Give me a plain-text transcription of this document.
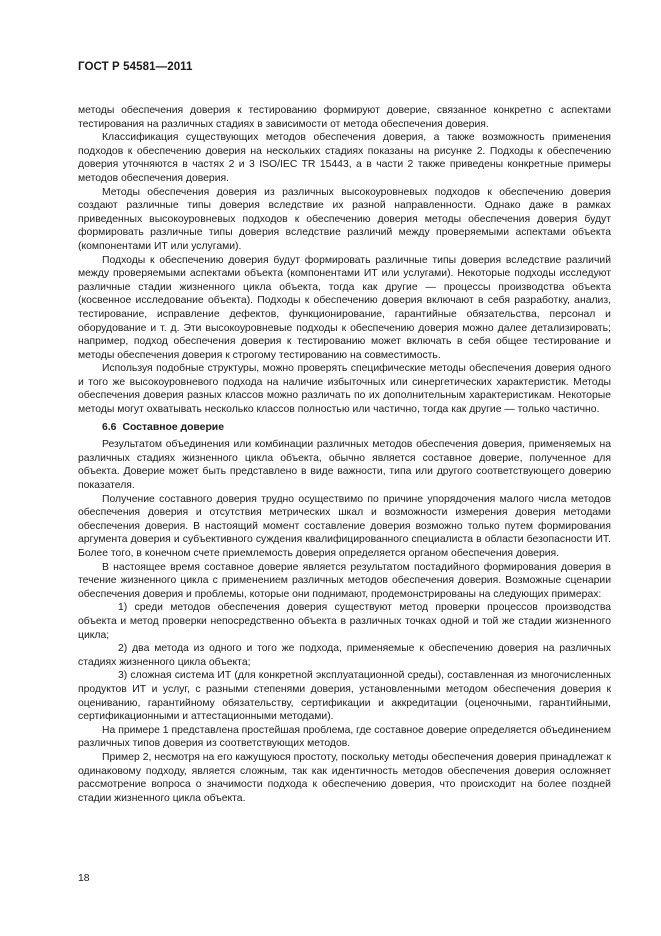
ГОСТ Р 54581—2011

методы обеспечения доверия к тестированию формируют доверие, связанное конкретно с аспектами тестирования на различных стадиях в зависимости от метода обеспечения доверия.

Классификация существующих методов обеспечения доверия, а также возможность применения подходов к обеспечению доверия на нескольких стадиях показаны на рисунке 2. Подходы к обеспечению доверия уточняются в частях 2 и 3 ISO/IEC TR 15443, а в части 2 также приведены конкретные примеры методов обеспечения доверия.

Методы обеспечения доверия из различных высокоуровневых подходов к обеспечению доверия создают различные типы доверия вследствие их разной направленности. Однако даже в рамках приведенных высокоуровневых подходов к обеспечению доверия методы обеспечения доверия будут формировать различные типы доверия вследствие различий между проверяемыми аспектами объекта (компонентами ИТ или услугами).

Подходы к обеспечению доверия будут формировать различные типы доверия вследствие различий между проверяемыми аспектами объекта (компонентами ИТ или услугами). Некоторые подходы исследуют различные стадии жизненного цикла объекта, тогда как другие — процессы производства объекта (косвенное исследование объекта). Подходы к обеспечению доверия включают в себя разработку, анализ, тестирование, исправление дефектов, функционирование, гарантийные обязательства, персонал и оборудование и т. д. Эти высокоуровневые подходы к обеспечению доверия можно далее детализировать; например, подход обеспечения доверия к тестированию может включать в себя общее тестирование и методы обеспечения доверия к строгому тестированию на совместимость.

Используя подобные структуры, можно проверять специфические методы обеспечения доверия одного и того же высокоуровневого подхода на наличие избыточных или синергетических характеристик. Методы обеспечения доверия разных классов можно различать по их дополнительным характеристикам. Некоторые методы могут охватывать несколько классов полностью или частично, тогда как другие — только частично.

6.6 Составное доверие

Результатом объединения или комбинации различных методов обеспечения доверия, применяемых на различных стадиях жизненного цикла объекта, обычно является составное доверие, полученное для объекта. Доверие может быть представлено в виде важности, типа или другого соответствующего доверию показателя.

Получение составного доверия трудно осуществимо по причине упорядочения малого числа методов обеспечения доверия и отсутствия метрических шкал и возможности измерения доверия методами обеспечения доверия. В настоящий момент составление доверия возможно только путем формирования аргумента доверия и субъективного суждения квалифицированного специалиста в области безопасности ИТ. Более того, в конечном счете приемлемость доверия определяется органом обеспечения доверия.

В настоящее время составное доверие является результатом постадийного формирования доверия в течение жизненного цикла с применением различных методов обеспечения доверия. Возможные сценарии обеспечения доверия и проблемы, которые они поднимают, продемонстрированы на следующих примерах:

1) среди методов обеспечения доверия существуют метод проверки процессов производства объекта и метод проверки непосредственно объекта в различных точках одной и той же стадии жизненного цикла;

2) два метода из одного и того же подхода, применяемые к обеспечению доверия на различных стадиях жизненного цикла объекта;

3) сложная система ИТ (для конкретной эксплуатационной среды), составленная из многочисленных продуктов ИТ и услуг, с разными степенями доверия, установленными методом обеспечения доверия к оцениванию, гарантийному обязательству, сертификации и аккредитации (оценочными, гарантийными, сертификационными и аттестационными методами).

На примере 1 представлена простейшая проблема, где составное доверие определяется объединением различных типов доверия из соответствующих методов.

Пример 2, несмотря на его кажущуюся простоту, поскольку методы обеспечения доверия принадлежат к одинаковому подходу, является сложным, так как идентичность методов обеспечения доверия осложняет рассмотрение вопроса о значимости подхода к обеспечению доверия, что происходит на более поздней стадии жизненного цикла объекта.

18
